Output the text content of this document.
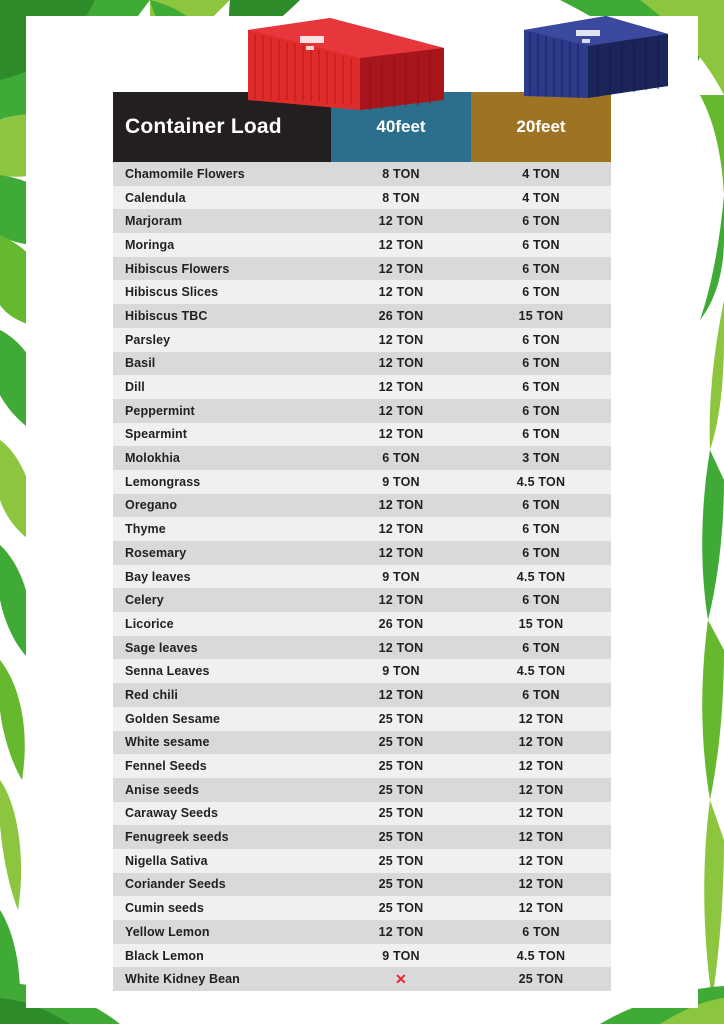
Container Load	40feet	20feet
Chamomile Flowers	8 TON	4 TON
Calendula	8 TON	4 TON
Marjoram	12 TON	6 TON
Moringa	12 TON	6 TON
Hibiscus Flowers	12 TON	6 TON
Hibiscus Slices	12 TON	6 TON
Hibiscus TBC	26 TON	15 TON
Parsley	12 TON	6 TON
Basil	12 TON	6 TON
Dill	12 TON	6 TON
Peppermint	12 TON	6 TON
Spearmint	12 TON	6 TON
Molokhia	6 TON	3 TON
Lemongrass	9 TON	4.5 TON
Oregano	12 TON	6 TON
Thyme	12 TON	6 TON
Rosemary	12 TON	6 TON
Bay leaves	9 TON	4.5 TON
Celery	12 TON	6 TON
Licorice	26 TON	15 TON
Sage leaves	12 TON	6 TON
Senna Leaves	9 TON	4.5 TON
Red chili	12 TON	6 TON
Golden Sesame	25 TON	12 TON
White sesame	25 TON	12 TON
Fennel Seeds	25 TON	12 TON
Anise seeds	25 TON	12 TON
Caraway Seeds	25 TON	12 TON
Fenugreek seeds	25 TON	12 TON
Nigella Sativa	25 TON	12 TON
Coriander Seeds	25 TON	12 TON
Cumin seeds	25 TON	12 TON
Yellow Lemon	12 TON	6 TON
Black Lemon	9 TON	4.5 TON
White Kidney Bean	✕	25 TON
